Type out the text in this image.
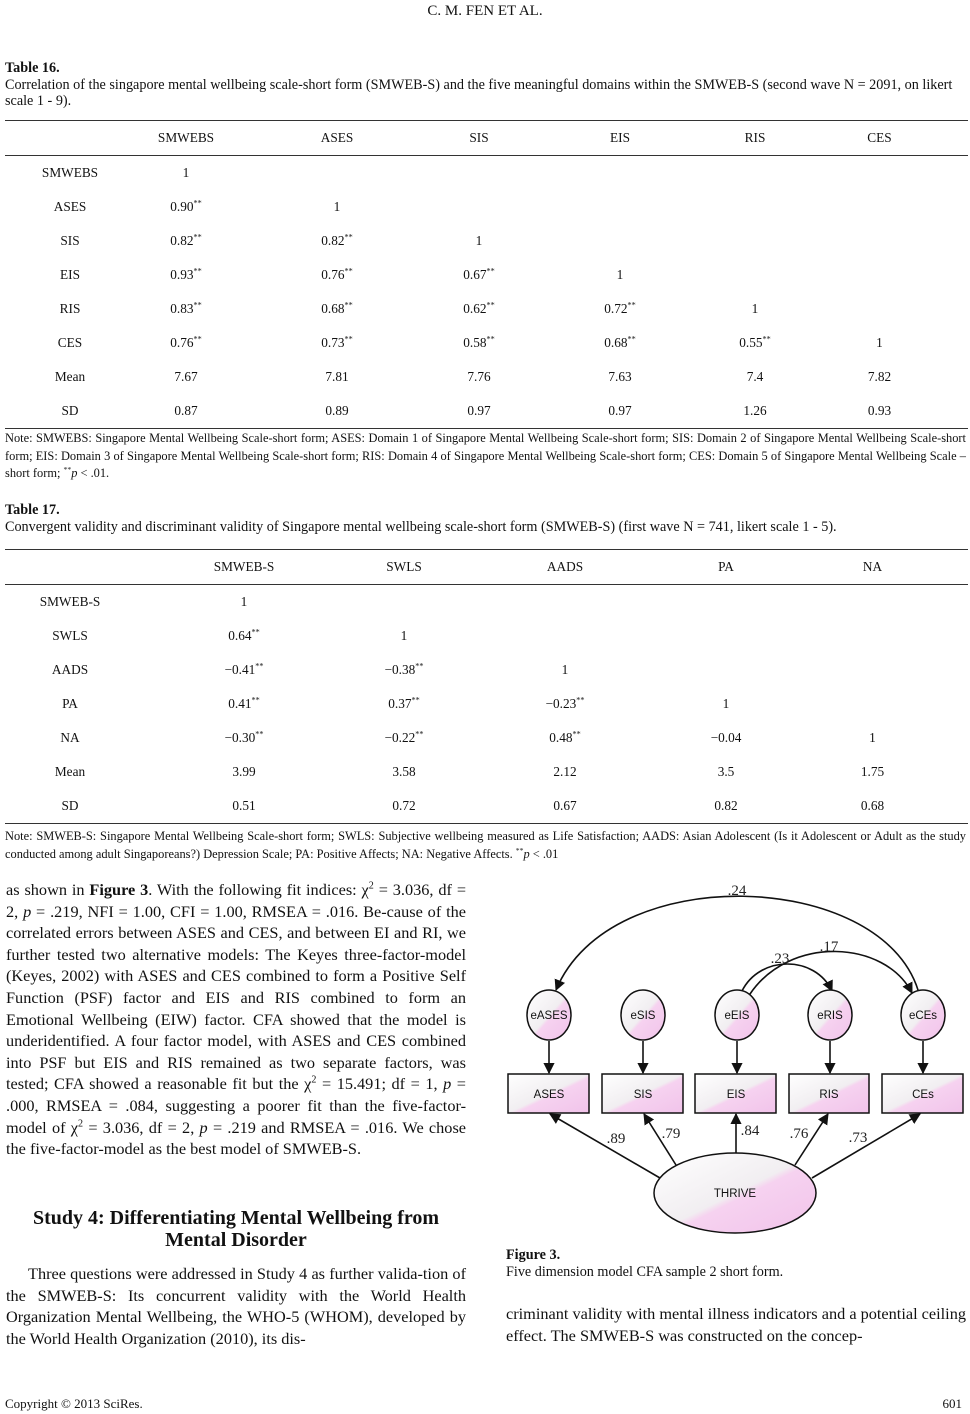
C. M. FEN ET AL.
Table 16.
Correlation of the singapore mental wellbeing scale-short form (SMWEB-S) and the five meaningful domains within the SMWEB-S (second wave N = 2091, on likert scale 1 - 9).
	SMWEBS	ASES	SIS	EIS	RIS	CES
SMWEBS	1					
ASES	0.90**	1				
SIS	0.82**	0.82**	1			
EIS	0.93**	0.76**	0.67**	1		
RIS	0.83**	0.68**	0.62**	0.72**	1	
CES	0.76**	0.73**	0.58**	0.68**	0.55**	1
Mean	7.67	7.81	7.76	7.63	7.4	7.82
SD	0.87	0.89	0.97	0.97	1.26	0.93
Note: SMWEBS: Singapore Mental Wellbeing Scale-short form; ASES: Domain 1 of Singapore Mental Wellbeing Scale-short form; SIS: Domain 2 of Singapore Mental Wellbeing Scale-short form; EIS: Domain 3 of Singapore Mental Wellbeing Scale-short form; RIS: Domain 4 of Singapore Mental Wellbeing Scale-short form; CES: Domain 5 of Singapore Mental Wellbeing Scale –short form; **p < .01.
Table 17.
Convergent validity and discriminant validity of Singapore mental wellbeing scale-short form (SMWEB-S) (first wave N = 741, likert scale 1 - 5).
	SMWEB-S	SWLS	AADS	PA	NA
SMWEB-S	1				
SWLS	0.64**	1			
AADS	−0.41**	−0.38**	1		
PA	0.41**	0.37**	−0.23**	1	
NA	−0.30**	−0.22**	0.48**	−0.04	1
Mean	3.99	3.58	2.12	3.5	1.75
SD	0.51	0.72	0.67	0.82	0.68
Note: SMWEB-S: Singapore Mental Wellbeing Scale-short form; SWLS: Subjective wellbeing measured as Life Satisfaction; AADS: Asian Adolescent (Is it Adolescent or Adult as the study conducted among adult Singaporeans?) Depression Scale; PA: Positive Affects; NA: Negative Affects. **p < .01
as shown in Figure 3. With the following fit indices: $\chi^2 = 3.036$, df = 2, p = .219, NFI = 1.00, CFI = 1.00, RMSEA = .016. Be-cause of the correlated errors between ASES and CES, and between EI and RI, we further tested two alternative models: The Keyes three-factor-model (Keyes, 2002) with ASES and CES combined to form a Positive Self Function (PSF) factor and EIS and RIS combined to form an Emotional Wellbeing (EIW) factor. CFA showed that the model is underidentified. A four factor model, with ASES and CES combined into PSF but EIS and RIS remained as two separate factors, was tested; CFA showed a reasonable fit but the $\chi^2 = 15.491$; df = 1, p = .000, RMSEA = .084, suggesting a poorer fit than the five-factor-model of $\chi^2 = 3.036$, df = 2, p = .219 and RMSEA = .016. We chose the five-factor-model as the best model of SMWEB-S.
Study 4: Differentiating Mental Wellbeing from Mental Disorder
Three questions were addressed in Study 4 as further valida-tion of the SMWEB-S: Its concurrent validity with the World Health Organization Mental Wellbeing, the WHO-5 (WHOM), developed by the World Health Organization (2010), its dis-
.24
.23
.17
eASES	eSIS	eEIS	eRIS	eCEs
ASES	SIS	EIS	RIS	CEs
THRIVE
.89 .79	.84 .76	.73
Figure 3.
Five dimension model CFA sample 2 short form.
criminant validity with mental illness indicators and a potential ceiling effect. The SMWEB-S was constructed on the concep-
Copyright © 2013 SciRes.	601
